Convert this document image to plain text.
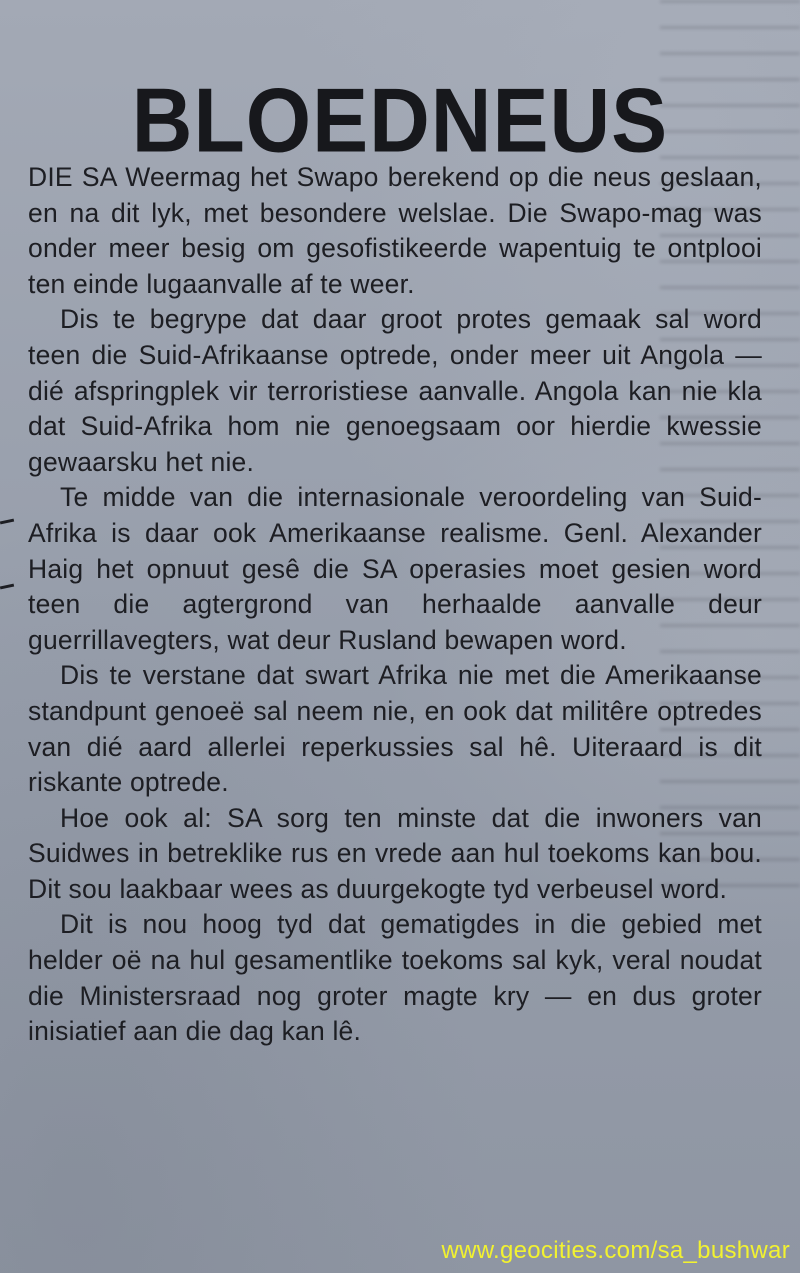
BLOEDNEUS

DIE SA Weermag het Swapo berekend op die neus geslaan, en na dit lyk, met besondere welslae. Die Swapo-mag was onder meer besig om gesofistikeerde wapentuig te ontplooi ten einde lugaanvalle af te weer.

Dis te begrype dat daar groot protes gemaak sal word teen die Suid-Afrikaanse optrede, onder meer uit Angola — dié afspringplek vir terroristiese aanvalle. Angola kan nie kla dat Suid-Afrika hom nie genoegsaam oor hierdie kwessie gewaarsku het nie.

Te midde van die internasionale veroordeling van Suid-Afrika is daar ook Amerikaanse realisme. Genl. Alexander Haig het opnuut gesê die SA operasies moet gesien word teen die agtergrond van herhaalde aanvalle deur guerrillavegters, wat deur Rusland bewapen word.

Dis te verstane dat swart Afrika nie met die Amerikaanse standpunt genoeë sal neem nie, en ook dat militêre optredes van dié aard allerlei reperkussies sal hê. Uiteraard is dit riskante optrede.

Hoe ook al: SA sorg ten minste dat die inwoners van Suidwes in betreklike rus en vrede aan hul toekoms kan bou. Dit sou laakbaar wees as duurgekogte tyd verbeusel word.

Dit is nou hoog tyd dat gematigdes in die gebied met helder oë na hul gesamentlike toekoms sal kyk, veral noudat die Ministersraad nog groter magte kry — en dus groter inisiatief aan die dag kan lê.

www.geocities.com/sa_bushwar
